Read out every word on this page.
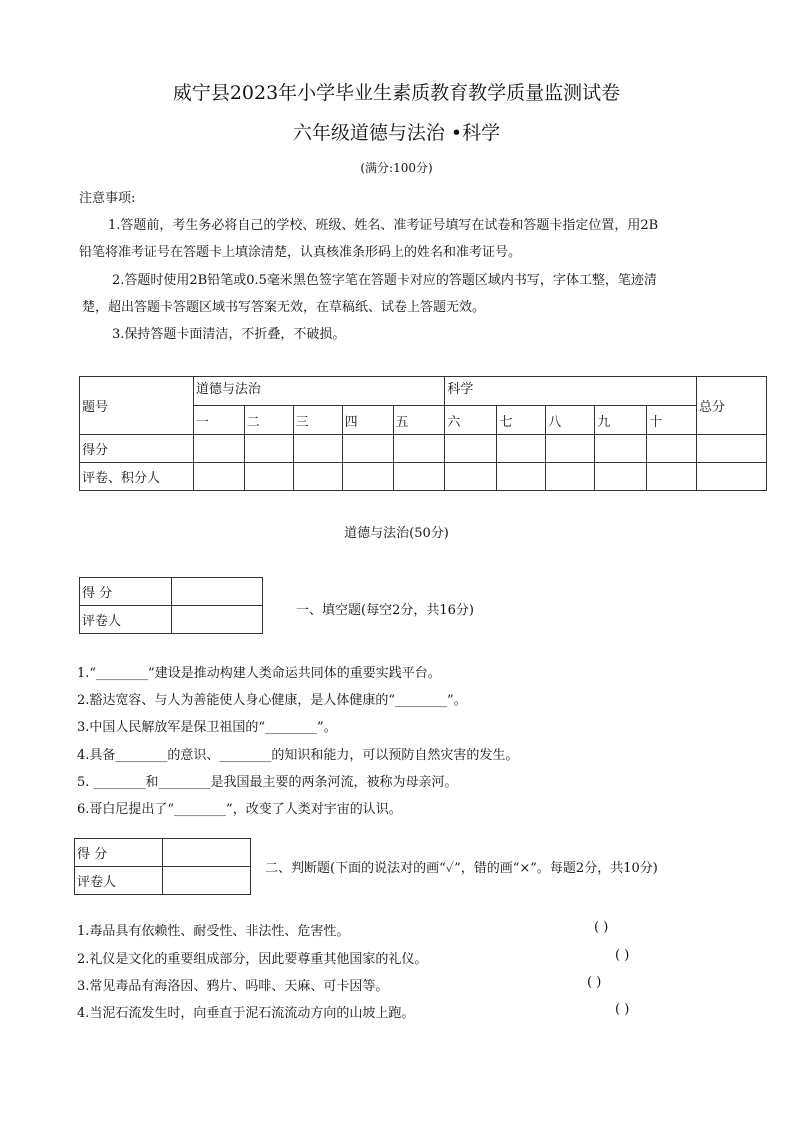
威宁县2023年小学毕业生素质教育教学质量监测试卷
六年级道德与法治 •科学
(满分:100分)
注意事项:
1.答题前，考生务必将自己的学校、班级、姓名、准考证号填写在试卷和答题卡指定位置，用2B
铅笔将准考证号在答题卡上填涂清楚，认真核准条形码上的姓名和准考证号。
2.答题时使用2B铅笔或0.5毫米黑色签字笔在答题卡对应的答题区域内书写，字体工整，笔迹清
楚，超出答题卡答题区域书写答案无效，在草稿纸、试卷上答题无效。
3.保持答题卡面清洁，不折叠，不破损。
题号	道德与法治					科学					总分
	一	二	三	四	五	六	七	八	九	十	
得分											
评卷、积分人											
道德与法治(50分)
得 分	
评卷人	
一、填空题(每空2分，共16分)
1.“________”建设是推动构建人类命运共同体的重要实践平台。
2.豁达宽容、与人为善能使人身心健康，是人体健康的“________”。
3.中国人民解放军是保卫祖国的“________”。
4.具备________的意识、________的知识和能力，可以预防自然灾害的发生。
5. ________和________是我国最主要的两条河流，被称为母亲河。
6.哥白尼提出了“________”，改变了人类对宇宙的认识。
得 分	
评卷人	
二、判断题(下面的说法对的画“✓”，错的画“×”。每题2分，共10分)
1.毒品具有依赖性、耐受性、非法性、危害性。	( )
2.礼仪是文化的重要组成部分，因此要尊重其他国家的礼仪。	( )
3.常见毒品有海洛因、鸦片、吗啡、天麻、可卡因等。	( )
4.当泥石流发生时，向垂直于泥石流流动方向的山坡上跑。	( )
